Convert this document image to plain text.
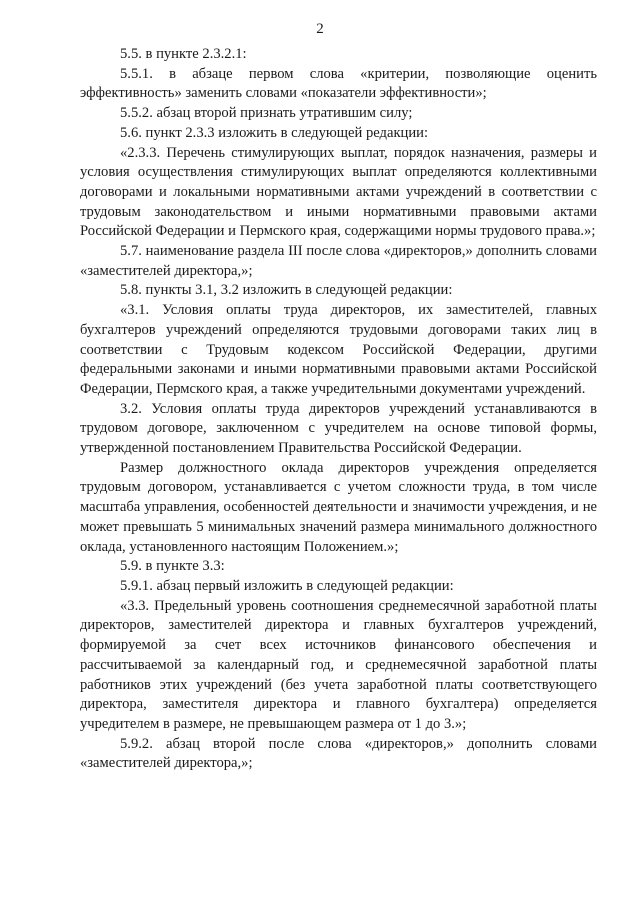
2

5.5. в пункте 2.3.2.1:

5.5.1. в абзаце первом слова «критерии, позволяющие оценить эффективность» заменить словами «показатели эффективности»;

5.5.2. абзац второй признать утратившим силу;

5.6. пункт 2.3.3 изложить в следующей редакции:

«2.3.3. Перечень стимулирующих выплат, порядок назначения, размеры и условия осуществления стимулирующих выплат определяются коллективными договорами и локальными нормативными актами учреждений в соответствии с трудовым законодательством и иными нормативными правовыми актами Российской Федерации и Пермского края, содержащими нормы трудового права.»;

5.7. наименование раздела III после слова «директоров,» дополнить словами «заместителей директора,»;

5.8. пункты 3.1, 3.2 изложить в следующей редакции:

«3.1. Условия оплаты труда директоров, их заместителей, главных бухгалтеров учреждений определяются трудовыми договорами таких лиц в соответствии с Трудовым кодексом Российской Федерации, другими федеральными законами и иными нормативными правовыми актами Российской Федерации, Пермского края, а также учредительными документами учреждений.

3.2. Условия оплаты труда директоров учреждений устанавливаются в трудовом договоре, заключенном с учредителем на основе типовой формы, утвержденной постановлением Правительства Российской Федерации.

Размер должностного оклада директоров учреждения определяется трудовым договором, устанавливается с учетом сложности труда, в том числе масштаба управления, особенностей деятельности и значимости учреждения, и не может превышать 5 минимальных значений размера минимального должностного оклада, установленного настоящим Положением.»;

5.9. в пункте 3.3:

5.9.1. абзац первый изложить в следующей редакции:

«3.3. Предельный уровень соотношения среднемесячной заработной платы директоров, заместителей директора и главных бухгалтеров учреждений, формируемой за счет всех источников финансового обеспечения и рассчитываемой за календарный год, и среднемесячной заработной платы работников этих учреждений (без учета заработной платы соответствующего директора, заместителя директора и главного бухгалтера) определяется учредителем в размере, не превышающем размера от 1 до 3.»;

5.9.2. абзац второй после слова «директоров,» дополнить словами «заместителей директора,»;
